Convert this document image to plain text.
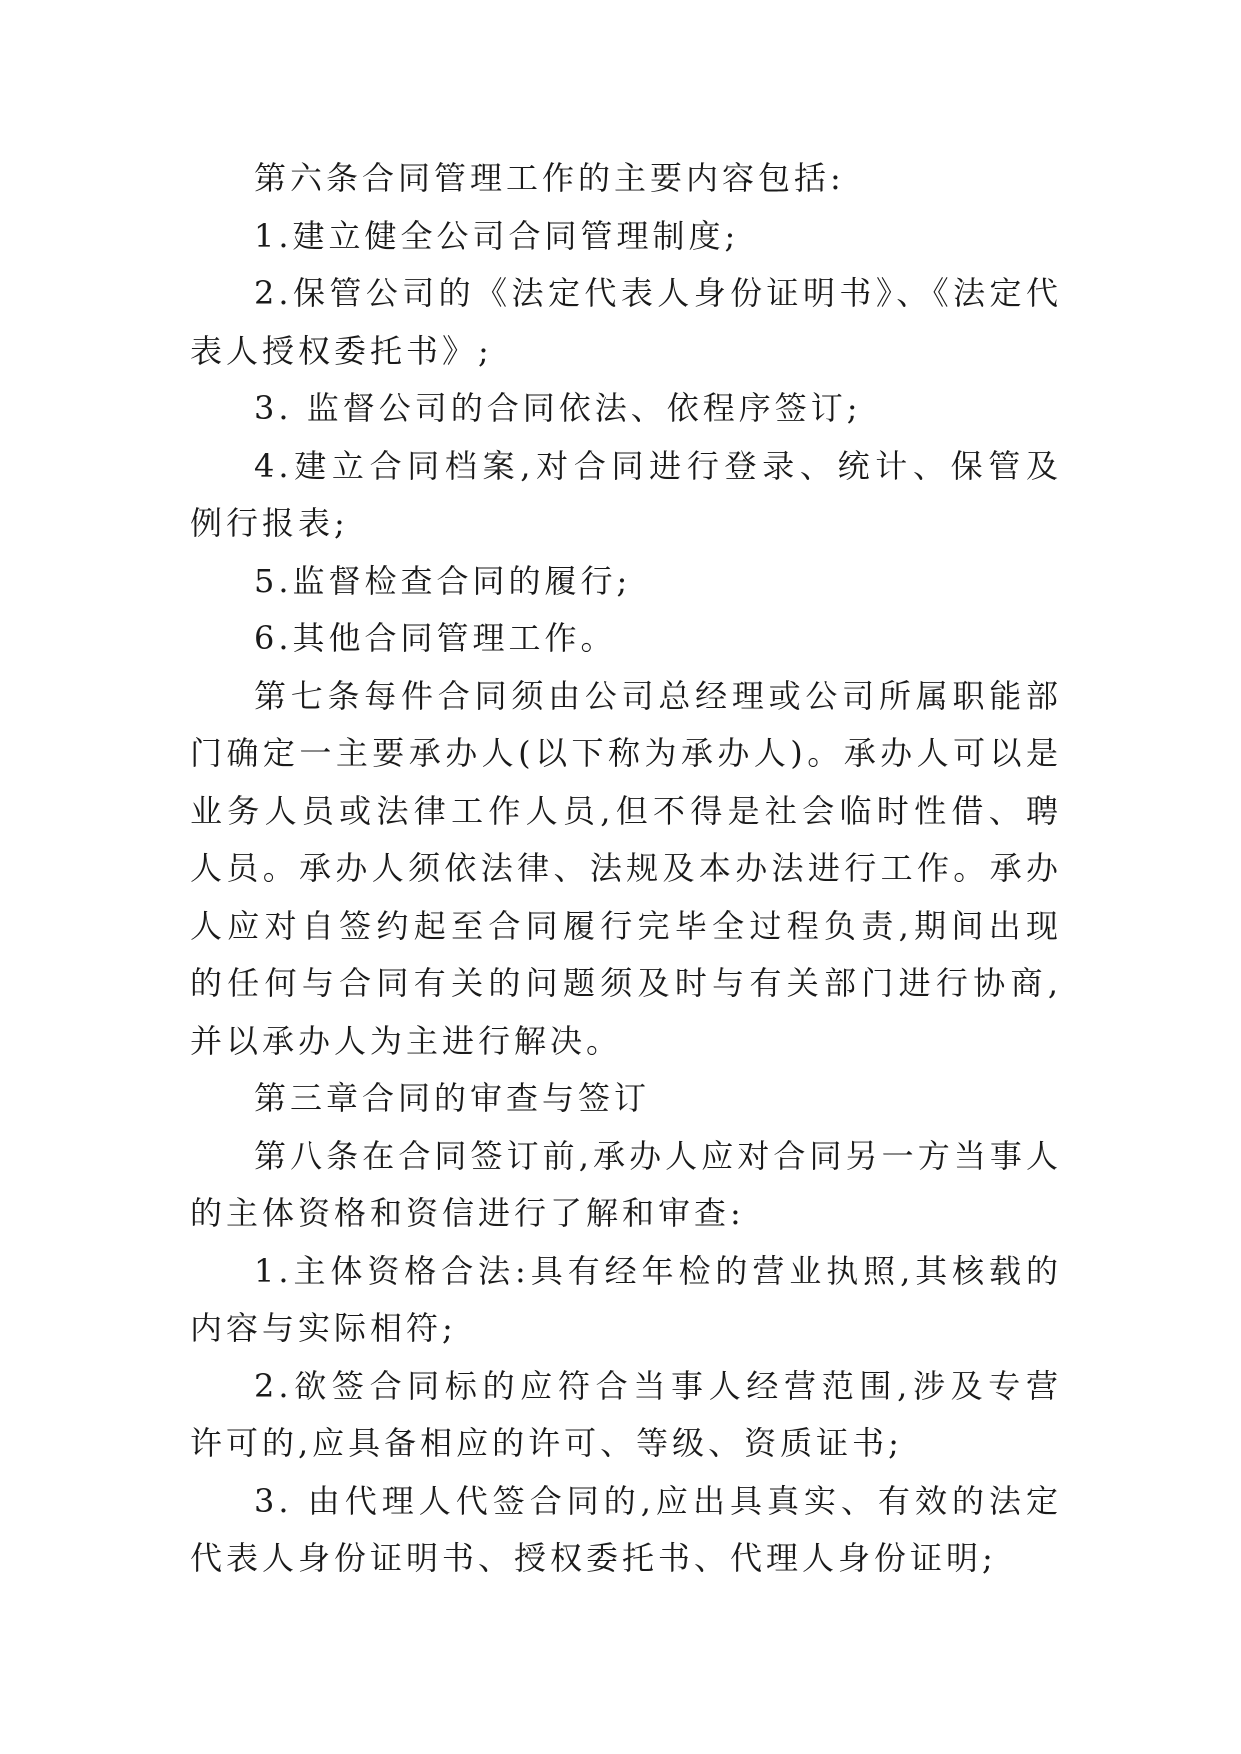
第六条合同管理工作的主要内容包括:

1.建立健全公司合同管理制度;

2.保管公司的《法定代表人身份证明书》、《法定代表人授权委托书》;

3. 监督公司的合同依法、依程序签订;

4.建立合同档案,对合同进行登录、统计、保管及例行报表;

5.监督检查合同的履行;

6.其他合同管理工作。

第七条每件合同须由公司总经理或公司所属职能部门确定一主要承办人(以下称为承办人)。承办人可以是业务人员或法律工作人员,但不得是社会临时性借、聘人员。承办人须依法律、法规及本办法进行工作。承办人应对自签约起至合同履行完毕全过程负责,期间出现的任何与合同有关的问题须及时与有关部门进行协商,并以承办人为主进行解决。

第三章合同的审查与签订

第八条在合同签订前,承办人应对合同另一方当事人的主体资格和资信进行了解和审查:

1.主体资格合法:具有经年检的营业执照,其核载的内容与实际相符;

2.欲签合同标的应符合当事人经营范围,涉及专营许可的,应具备相应的许可、等级、资质证书;

3. 由代理人代签合同的,应出具真实、有效的法定代表人身份证明书、授权委托书、代理人身份证明;
